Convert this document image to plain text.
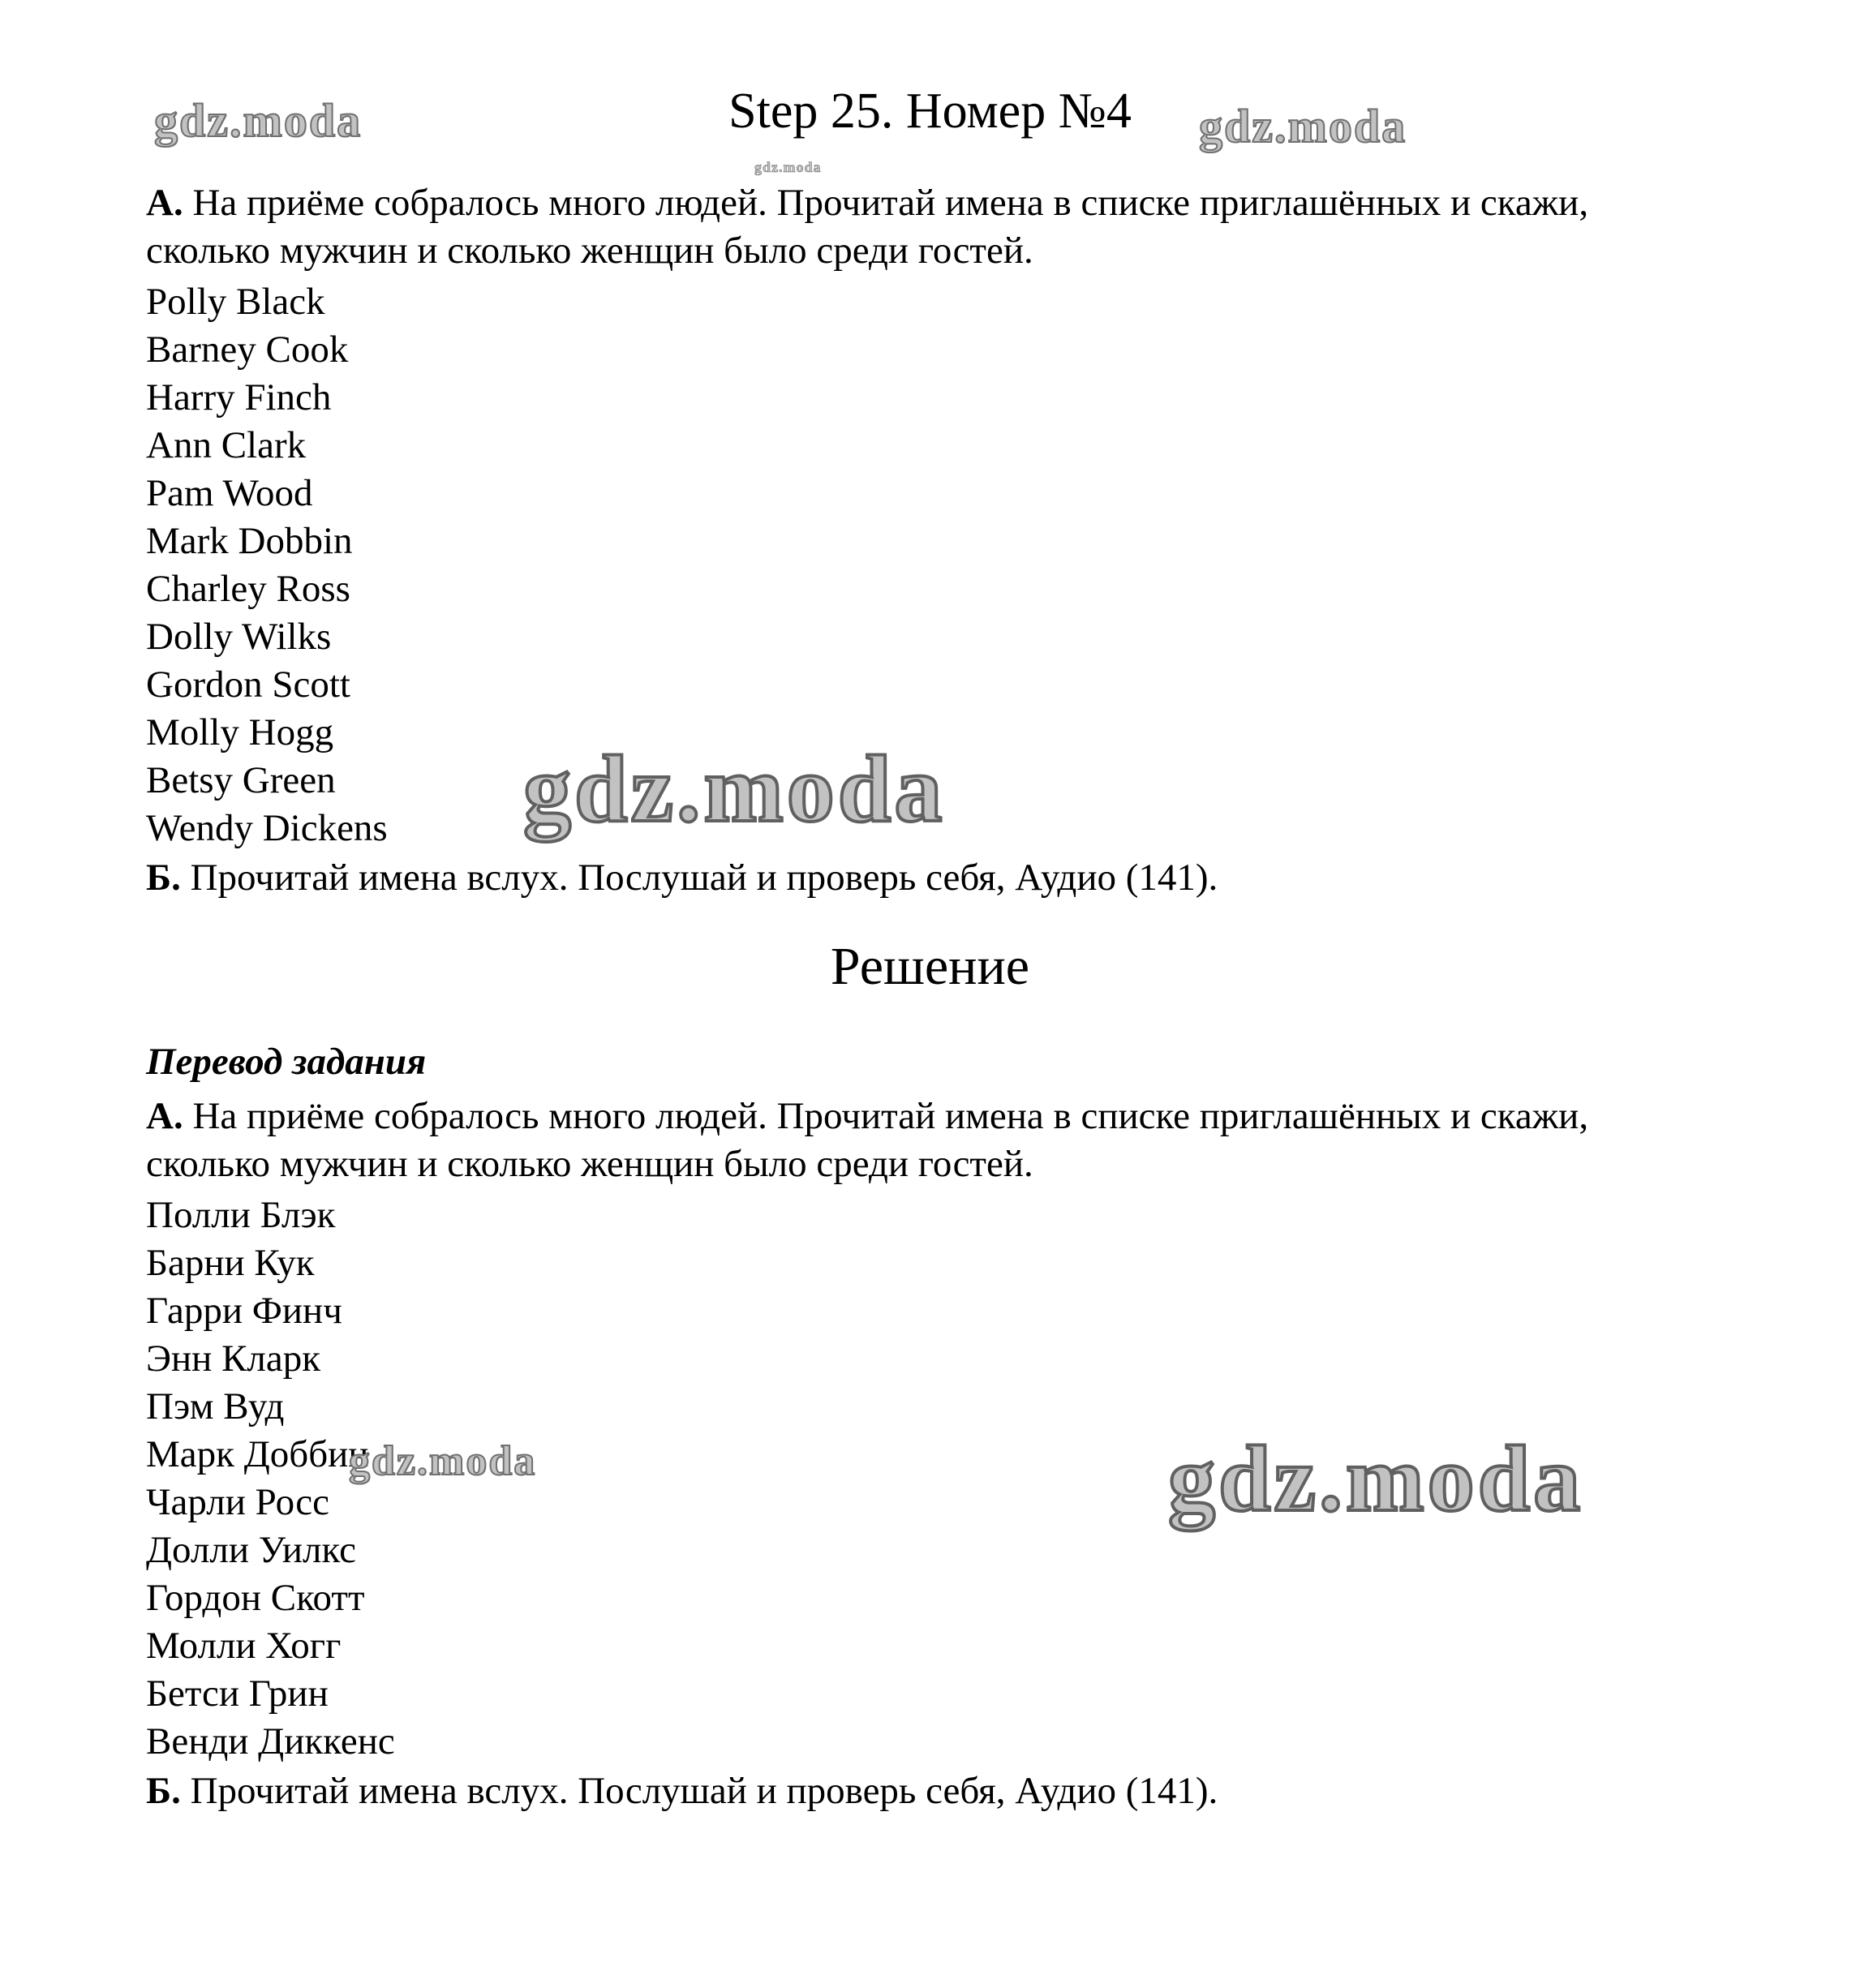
gdz.moda	gdz.moda
gdz.moda
gdz.moda
gdz.moda	gdz.moda
Step 25. Номер №4

А. На приёме собралось много людей. Прочитай имена в списке приглашённых и скажи, сколько мужчин и сколько женщин было среди гостей.

Polly Black
Barney Cook
Harry Finch
Ann Clark
Pam Wood
Mark Dobbin
Charley Ross
Dolly Wilks
Gordon Scott
Molly Hogg
Betsy Green
Wendy Dickens

Б. Прочитай имена вслух. Послушай и проверь себя, Аудио (141).

Решение

Перевод задания

А. На приёме собралось много людей. Прочитай имена в списке приглашённых и скажи, сколько мужчин и сколько женщин было среди гостей.

Полли Блэк
Барни Кук
Гарри Финч
Энн Кларк
Пэм Вуд
Марк Доббин
Чарли Росс
Долли Уилкс
Гордон Скотт
Молли Хогг
Бетси Грин
Венди Диккенс

Б. Прочитай имена вслух. Послушай и проверь себя, Аудио (141).
